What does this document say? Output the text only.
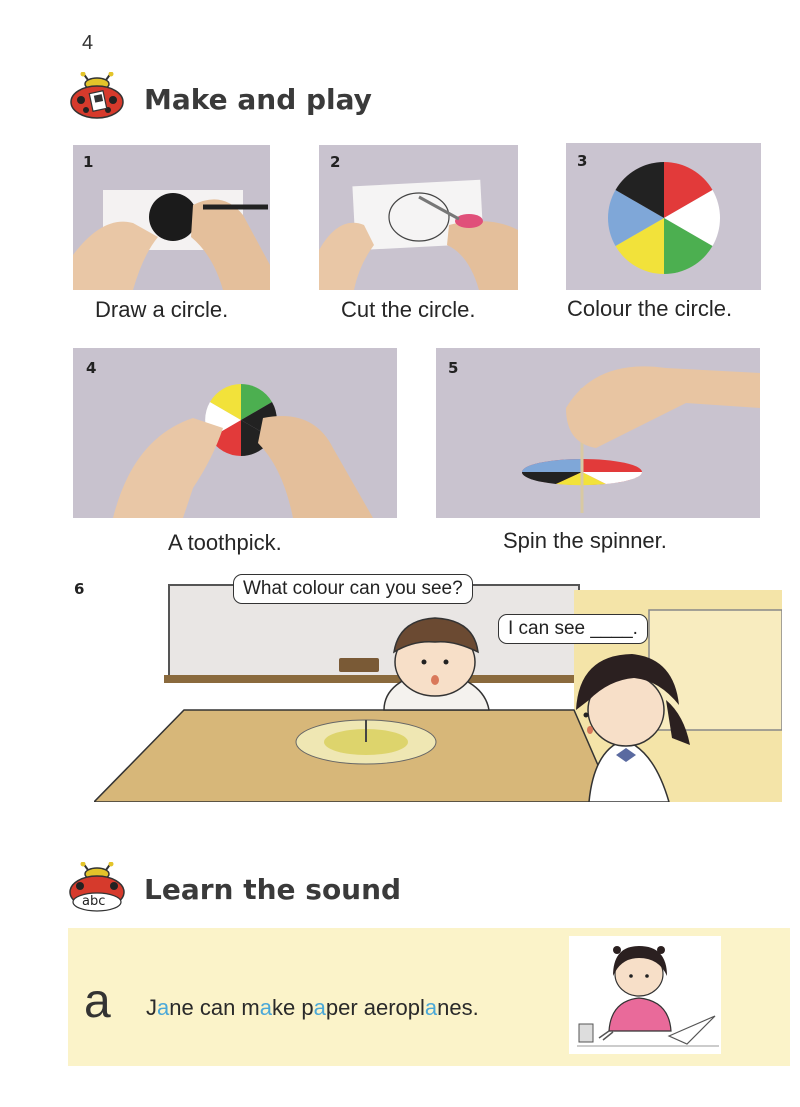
4
Make and play
1
Draw a circle.
2
Cut the circle.
3
Colour the circle.
4
A toothpick.
5
Spin the spinner.
6	What colour can you see?
I can see ____.
abc Learn the sound
a Jane can make paper aeroplanes.
